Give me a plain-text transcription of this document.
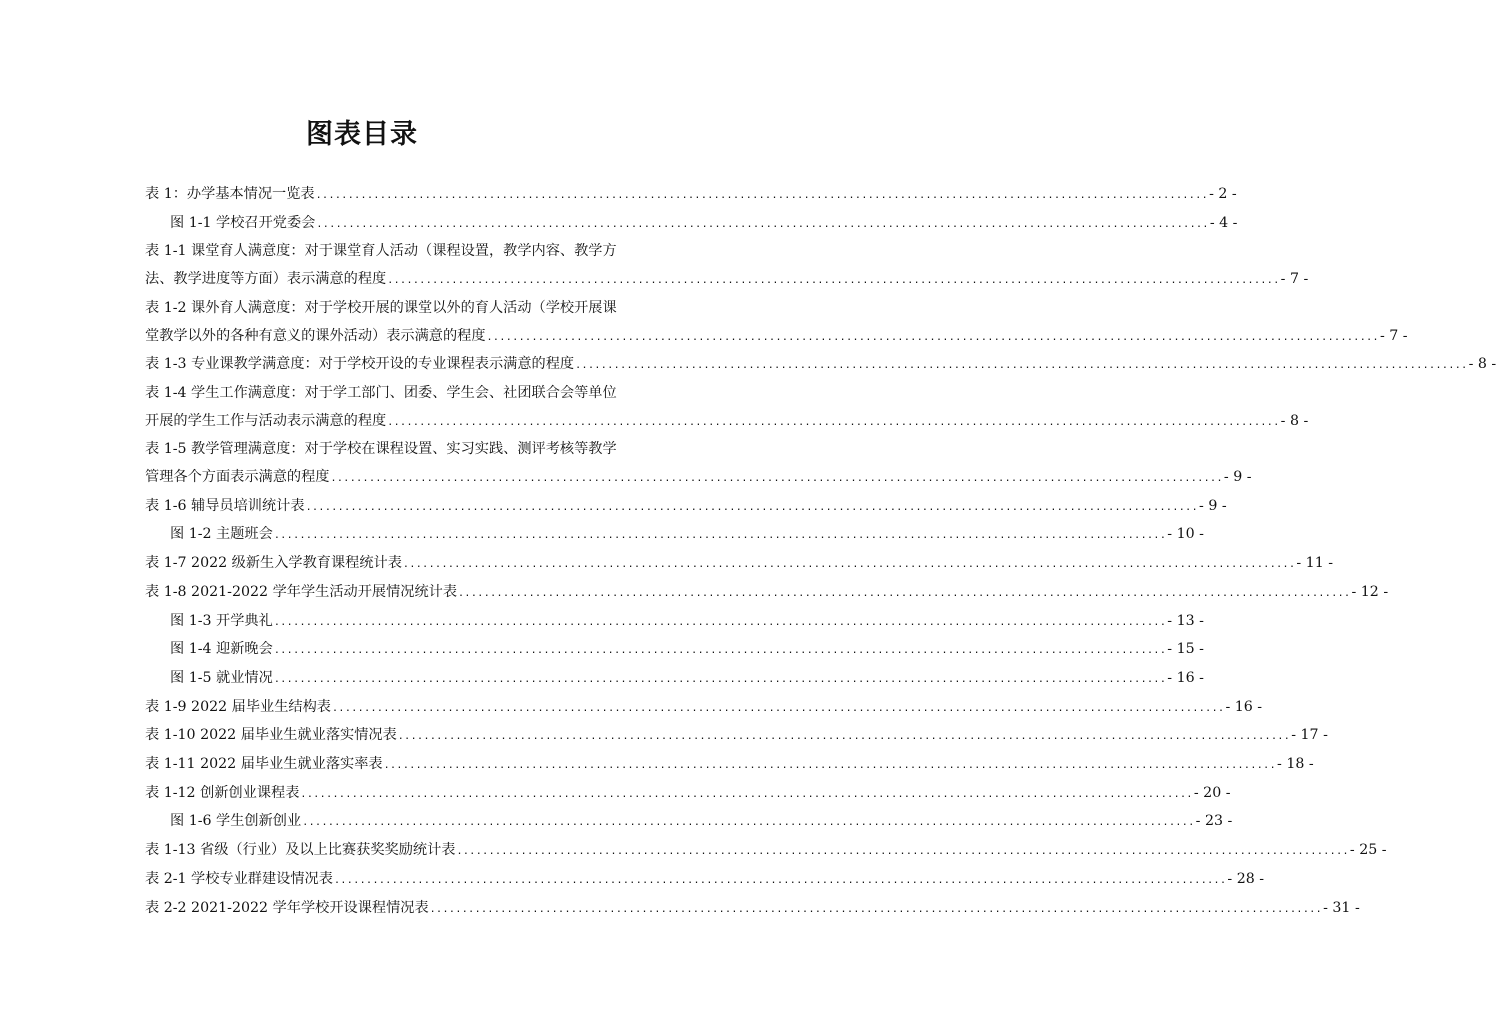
图表目录
表 1：办学基本情况一览表 ........................................................................................................................................... - 2 -
图 1-1 学校召开党委会 ........................................................................................................................................... - 4 -
表 1-1 课堂育人满意度：对于课堂育人活动（课程设置，教学内容、教学方
法、教学进度等方面）表示满意的程度 ........................................................................................................................................... - 7 -
表 1-2 课外育人满意度：对于学校开展的课堂以外的育人活动（学校开展课
堂教学以外的各种有意义的课外活动）表示满意的程度 ........................................................................................................................................... - 7 -
表 1-3 专业课教学满意度：对于学校开设的专业课程表示满意的程度 ........................................................................................................................................... - 8 -
表 1-4 学生工作满意度：对于学工部门、团委、学生会、社团联合会等单位
开展的学生工作与活动表示满意的程度 ........................................................................................................................................... - 8 -
表 1-5 教学管理满意度：对于学校在课程设置、实习实践、测评考核等教学
管理各个方面表示满意的程度 ........................................................................................................................................... - 9 -
表 1-6 辅导员培训统计表 ........................................................................................................................................... - 9 -
图 1-2 主题班会 ........................................................................................................................................... - 10 -
表 1-7 2022 级新生入学教育课程统计表 ........................................................................................................................................... - 11 -
表 1-8 2021-2022 学年学生活动开展情况统计表 ........................................................................................................................................... - 12 -
图 1-3 开学典礼 ........................................................................................................................................... - 13 -
图 1-4 迎新晚会 ........................................................................................................................................... - 15 -
图 1-5 就业情况 ........................................................................................................................................... - 16 -
表 1-9 2022 届毕业生结构表 ........................................................................................................................................... - 16 -
表 1-10 2022 届毕业生就业落实情况表 ........................................................................................................................................... - 17 -
表 1-11 2022 届毕业生就业落实率表 ........................................................................................................................................... - 18 -
表 1-12 创新创业课程表 ........................................................................................................................................... - 20 -
图 1-6 学生创新创业 ........................................................................................................................................... - 23 -
表 1-13 省级（行业）及以上比赛获奖奖励统计表 ........................................................................................................................................... - 25 -
表 2-1 学校专业群建设情况表 ........................................................................................................................................... - 28 -
表 2-2 2021-2022 学年学校开设课程情况表 ........................................................................................................................................... - 31 -
